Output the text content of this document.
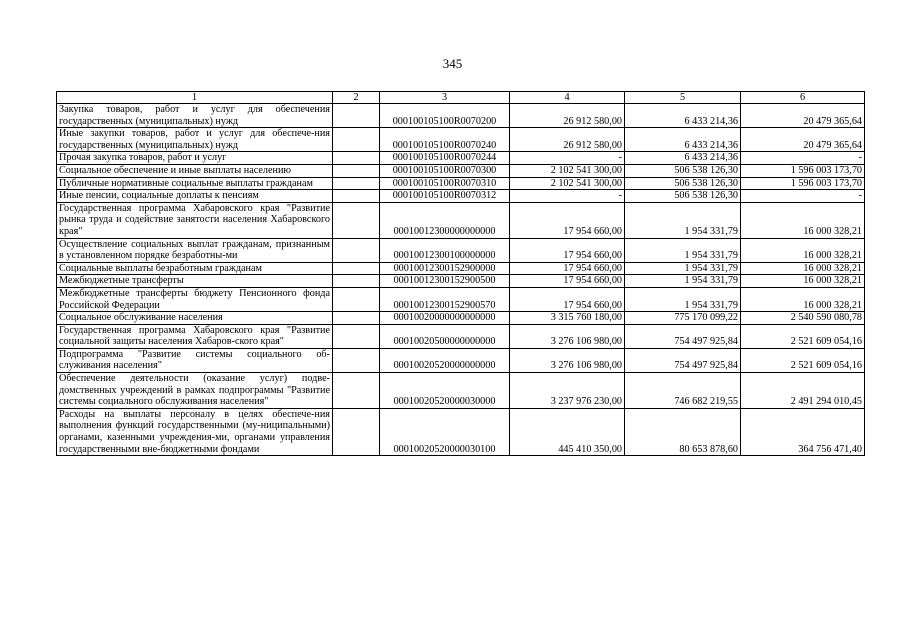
345
1	2	3	4	5	6
Закупка товаров, работ и услуг для обеспечения государственных (муниципальных) нужд		000100105100R0070200	26 912 580,00	6 433 214,36	20 479 365,64
Иные закупки товаров, работ и услуг для обеспече-ния государственных (муниципальных) нужд		000100105100R0070240	26 912 580,00	6 433 214,36	20 479 365,64
Прочая закупка товаров, работ и услуг		000100105100R0070244	-	6 433 214,36	-
Социальное обеспечение и иные выплаты населению		000100105100R0070300	2 102 541 300,00	506 538 126,30	1 596 003 173,70
Публичные нормативные социальные выплаты гражданам		000100105100R0070310	2 102 541 300,00	506 538 126,30	1 596 003 173,70
Иные пенсии, социальные доплаты к пенсиям		000100105100R0070312	-	506 538 126,30	-
Государственная программа Хабаровского края "Развитие рынка труда и содействие занятости населения Хабаровского края"		00010012300000000000	17 954 660,00	1 954 331,79	16 000 328,21
Осуществление социальных выплат гражданам, признанным в установленном порядке безработны-ми		00010012300100000000	17 954 660,00	1 954 331,79	16 000 328,21
Социальные выплаты безработным гражданам		00010012300152900000	17 954 660,00	1 954 331,79	16 000 328,21
Межбюджетные трансферты		00010012300152900500	17 954 660,00	1 954 331,79	16 000 328,21
Межбюджетные трансферты бюджету Пенсионного фонда Российской Федерации		00010012300152900570	17 954 660,00	1 954 331,79	16 000 328,21
Социальное обслуживание населения		00010020000000000000	3 315 760 180,00	775 170 099,22	2 540 590 080,78
Государственная программа Хабаровского края "Развитие социальной защиты населения Хабаров-ского края"		00010020500000000000	3 276 106 980,00	754 497 925,84	2 521 609 054,16
Подпрограмма "Развитие системы социального об-служивания населения"		00010020520000000000	3 276 106 980,00	754 497 925,84	2 521 609 054,16
Обеспечение деятельности (оказание услуг) подве-домственных учреждений в рамках подпрограммы "Развитие системы социального обслуживания населения"		00010020520000030000	3 237 976 230,00	746 682 219,55	2 491 294 010,45
Расходы на выплаты персоналу в целях обеспече-ния выполнения функций государственными (му-ниципальными) органами, казенными учреждения-ми, органами управления государственными вне-бюджетными фондами		00010020520000030100	445 410 350,00	80 653 878,60	364 756 471,40
